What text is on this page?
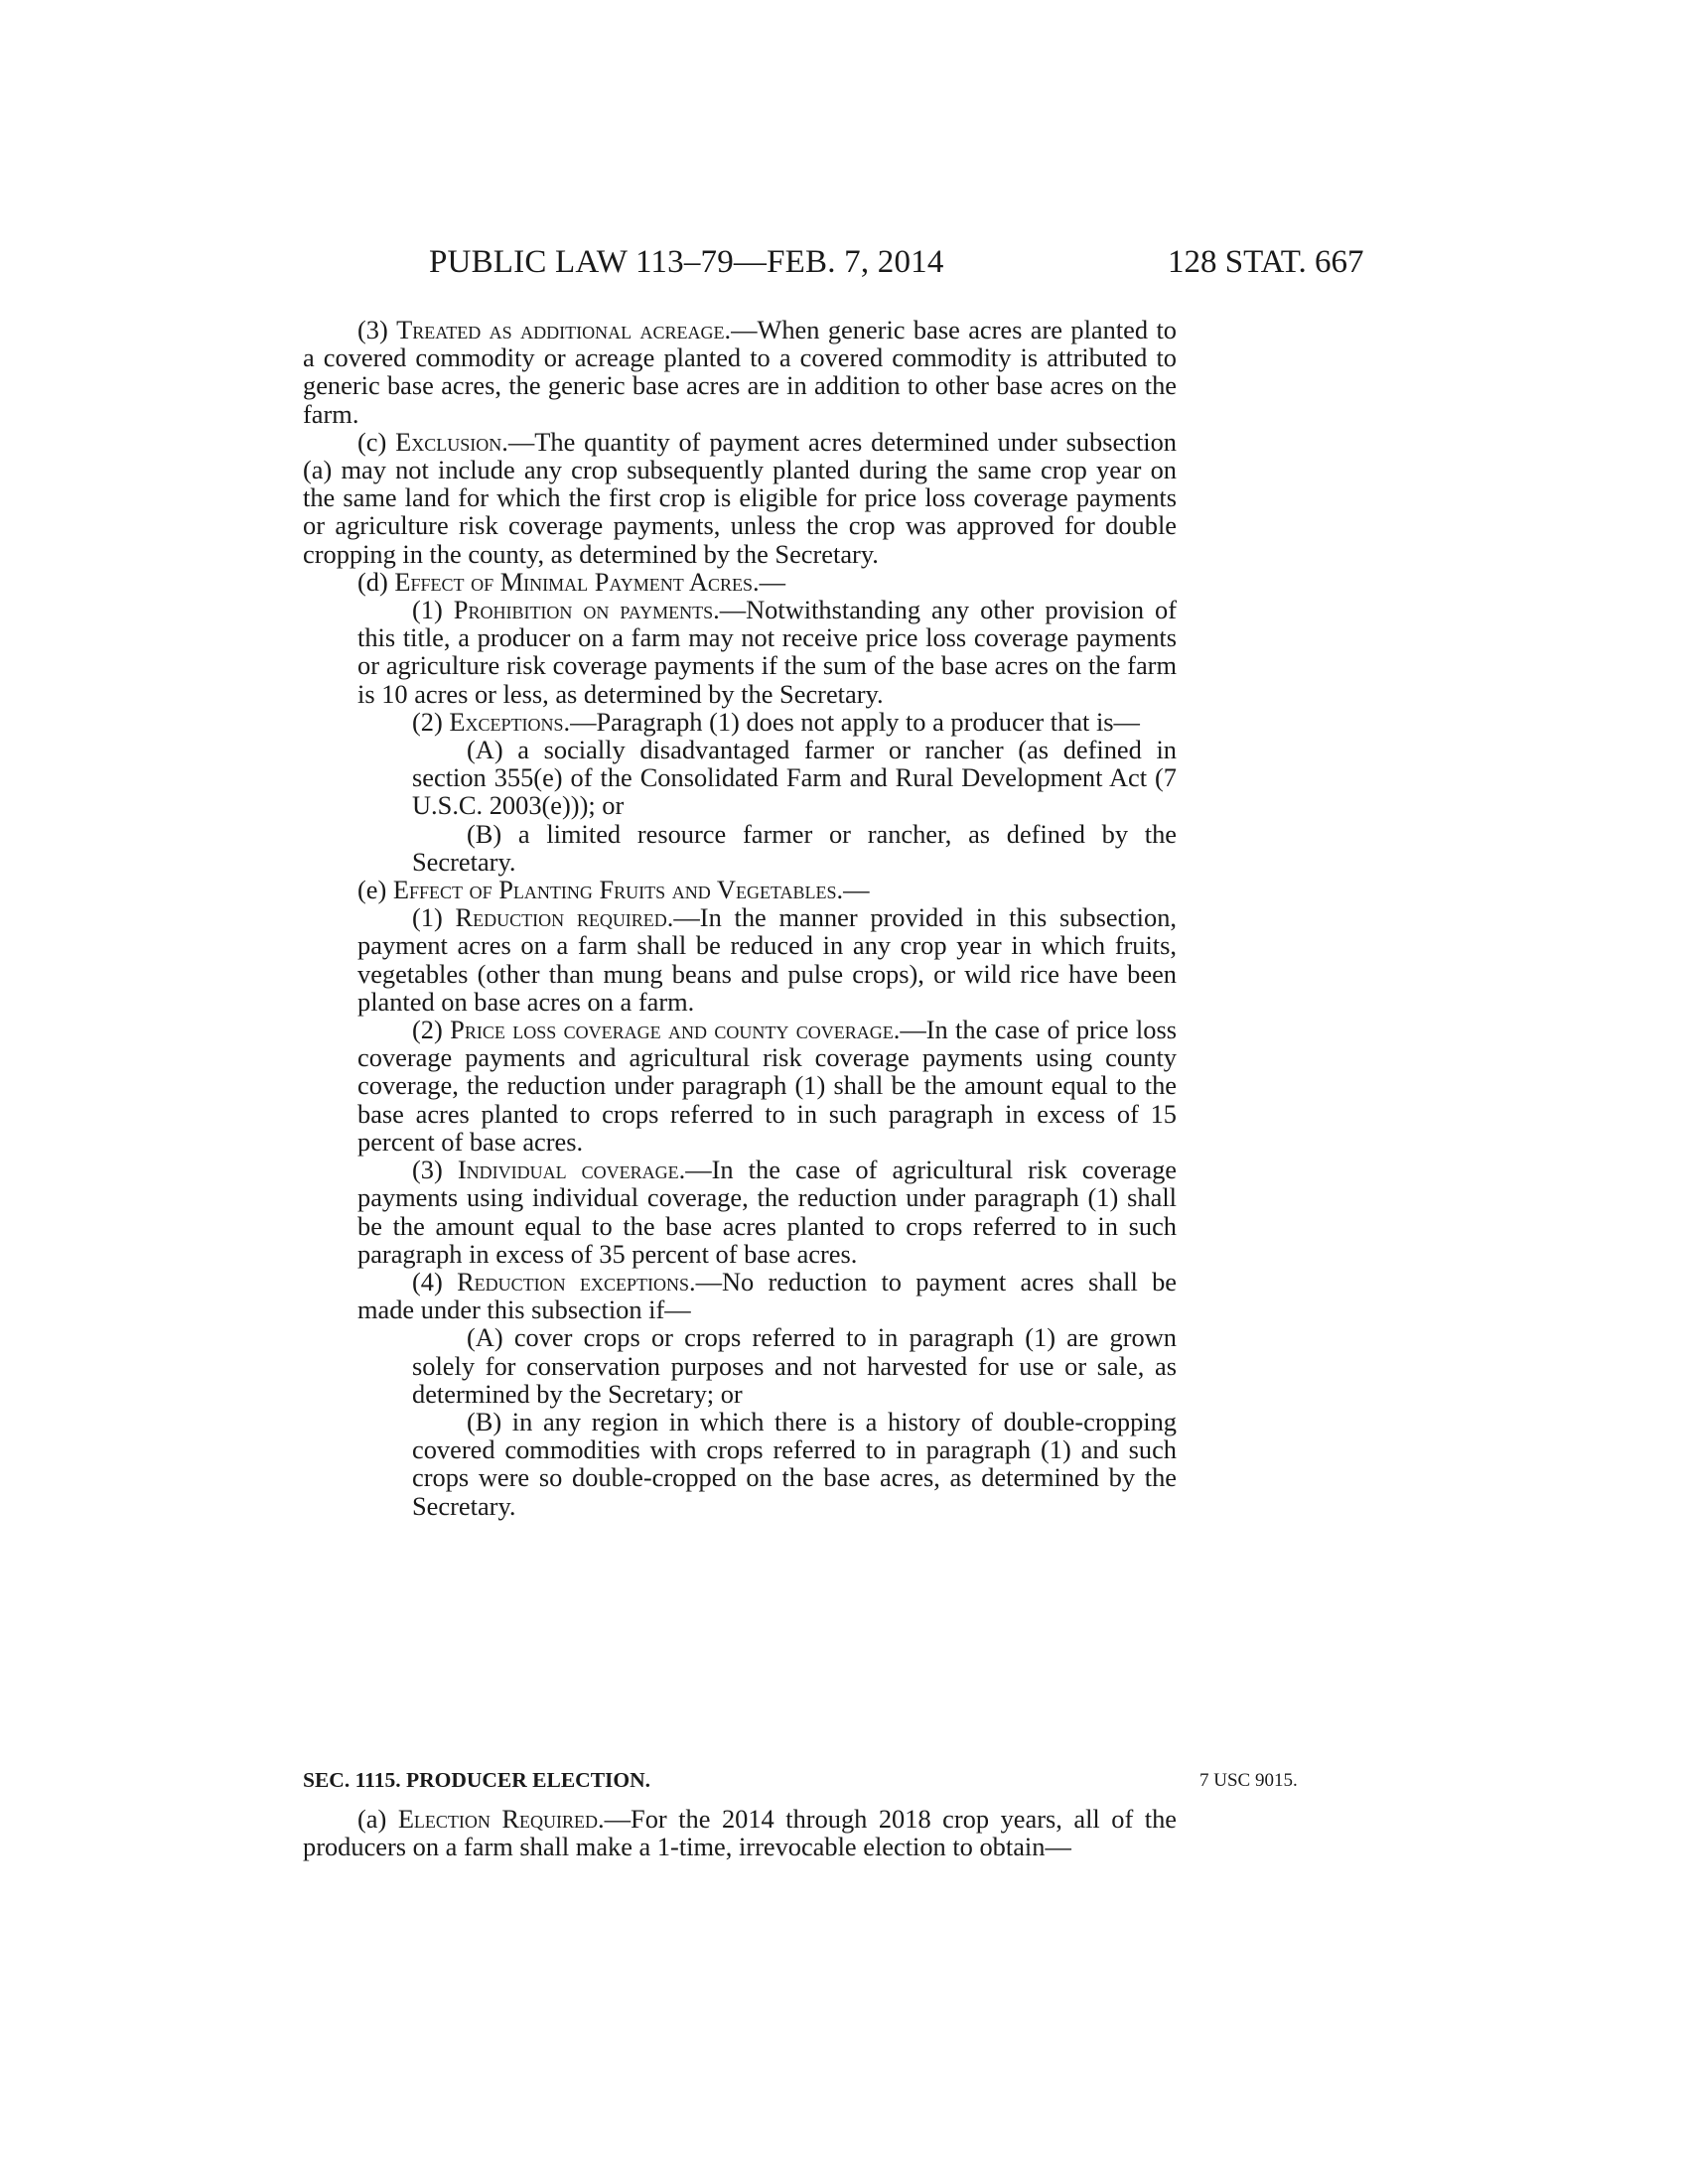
PUBLIC LAW 113–79—FEB. 7, 2014	128 STAT. 667

(3) Treated as additional acreage.—When generic base acres are planted to a covered commodity or acreage planted to a covered commodity is attributed to generic base acres, the generic base acres are in addition to other base acres on the farm.

(c) Exclusion.—The quantity of payment acres determined under subsection (a) may not include any crop subsequently planted during the same crop year on the same land for which the first crop is eligible for price loss coverage payments or agriculture risk coverage payments, unless the crop was approved for double cropping in the county, as determined by the Secretary.

(d) Effect of Minimal Payment Acres.—

(1) Prohibition on payments.—Notwithstanding any other provision of this title, a producer on a farm may not receive price loss coverage payments or agriculture risk coverage payments if the sum of the base acres on the farm is 10 acres or less, as determined by the Secretary.

(2) Exceptions.—Paragraph (1) does not apply to a producer that is—

(A) a socially disadvantaged farmer or rancher (as defined in section 355(e) of the Consolidated Farm and Rural Development Act (7 U.S.C. 2003(e))); or

(B) a limited resource farmer or rancher, as defined by the Secretary.

(e) Effect of Planting Fruits and Vegetables.—

(1) Reduction required.—In the manner provided in this subsection, payment acres on a farm shall be reduced in any crop year in which fruits, vegetables (other than mung beans and pulse crops), or wild rice have been planted on base acres on a farm.

(2) Price loss coverage and county coverage.—In the case of price loss coverage payments and agricultural risk coverage payments using county coverage, the reduction under paragraph (1) shall be the amount equal to the base acres planted to crops referred to in such paragraph in excess of 15 percent of base acres.

(3) Individual coverage.—In the case of agricultural risk coverage payments using individual coverage, the reduction under paragraph (1) shall be the amount equal to the base acres planted to crops referred to in such paragraph in excess of 35 percent of base acres.

(4) Reduction exceptions.—No reduction to payment acres shall be made under this subsection if—

(A) cover crops or crops referred to in paragraph (1) are grown solely for conservation purposes and not harvested for use or sale, as determined by the Secretary; or

(B) in any region in which there is a history of double-cropping covered commodities with crops referred to in paragraph (1) and such crops were so double-cropped on the base acres, as determined by the Secretary.

SEC. 1115. PRODUCER ELECTION.	7 USC 9015.

(a) Election Required.—For the 2014 through 2018 crop years, all of the producers on a farm shall make a 1-time, irrevocable election to obtain—
